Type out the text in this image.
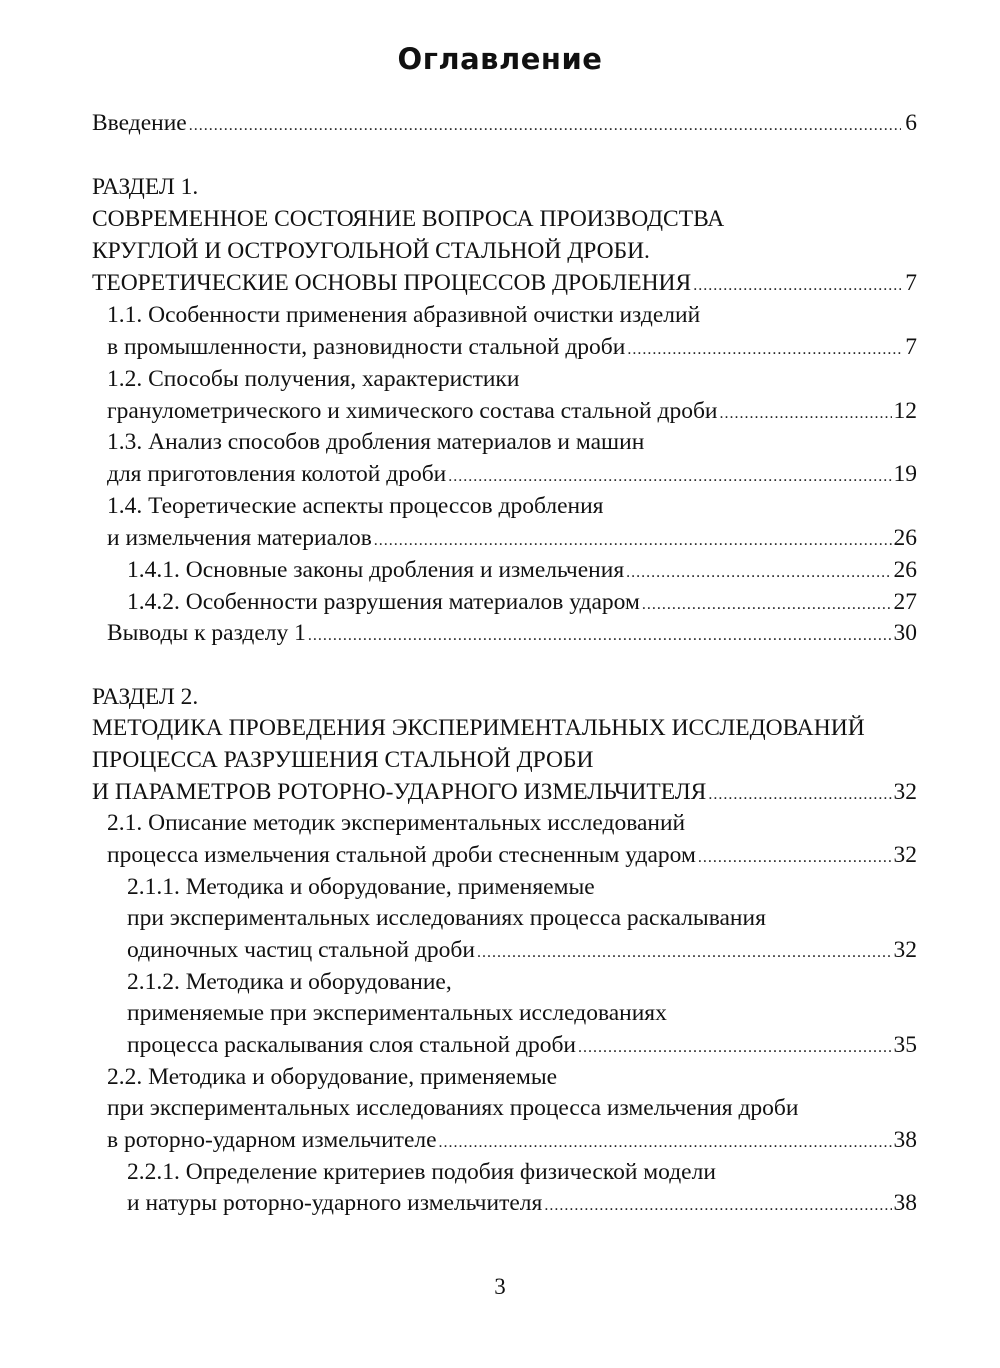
Оглавление
Введение .....	6
РАЗДЕЛ 1.
СОВРЕМЕННОЕ СОСТОЯНИЕ ВОПРОСА ПРОИЗВОДСТВА
КРУГЛОЙ И ОСТРОУГОЛЬНОЙ СТАЛЬНОЙ ДРОБИ.
ТЕОРЕТИЧЕСКИЕ ОСНОВЫ ПРОЦЕССОВ ДРОБЛЕНИЯ .....	7
1.1. Особенности применения абразивной очистки изделий
в промышленности, разновидности стальной дроби .....	7
1.2. Способы получения, характеристики
гранулометрического и химического состава стальной дроби .....	12
1.3. Анализ способов дробления материалов и машин
для приготовления колотой дроби .....	19
1.4. Теоретические аспекты процессов дробления
и измельчения материалов .....	26
1.4.1. Основные законы дробления и измельчения .....	26
1.4.2. Особенности разрушения материалов ударом .....	27
Выводы к разделу 1 .....	30
РАЗДЕЛ 2.
МЕТОДИКА ПРОВЕДЕНИЯ ЭКСПЕРИМЕНТАЛЬНЫХ ИССЛЕДОВАНИЙ
ПРОЦЕССА РАЗРУШЕНИЯ СТАЛЬНОЙ ДРОБИ
И ПАРАМЕТРОВ РОТОРНО-УДАРНОГО ИЗМЕЛЬЧИТЕЛЯ .....	32
2.1. Описание методик экспериментальных исследований
процесса измельчения стальной дроби стесненным ударом .....	32
2.1.1. Методика и оборудование, применяемые
при экспериментальных исследованиях процесса раскалывания
одиночных частиц стальной дроби .....	32
2.1.2. Методика и оборудование,
применяемые при экспериментальных исследованиях
процесса раскалывания слоя стальной дроби .....	35
2.2. Методика и оборудование, применяемые
при экспериментальных исследованиях процесса измельчения дроби
в роторно-ударном измельчителе .....	38
2.2.1. Определение критериев подобия физической модели
и натуры роторно-ударного измельчителя .....	38
3
